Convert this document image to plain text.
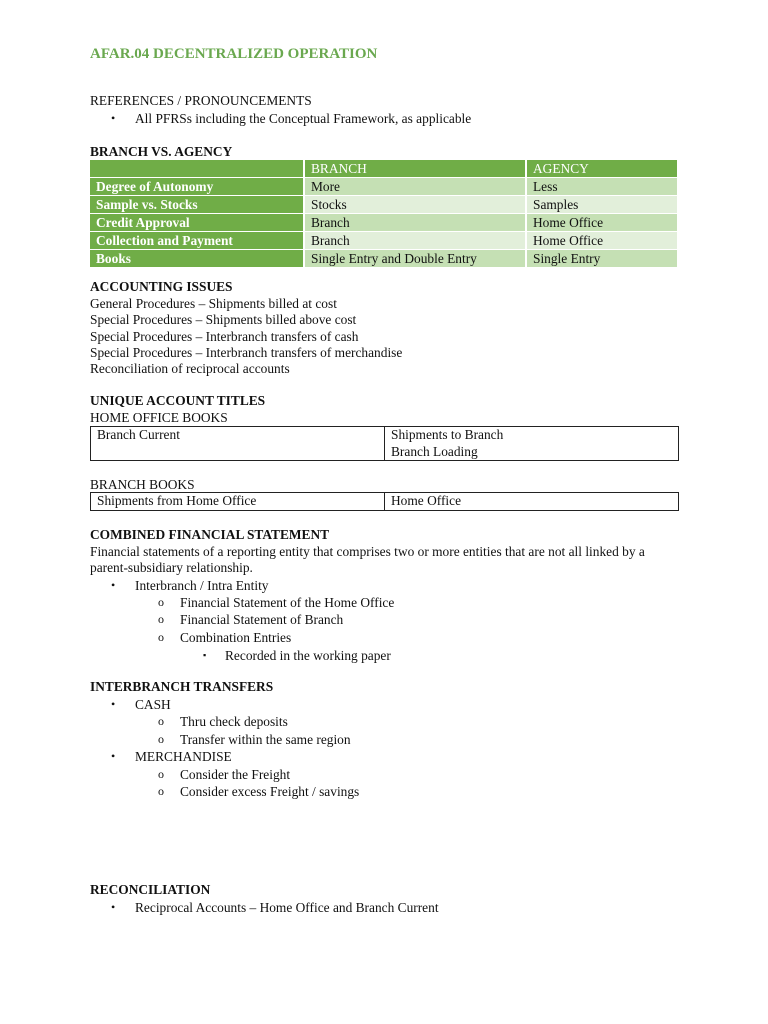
AFAR.04 DECENTRALIZED OPERATION
REFERENCES / PRONOUNCEMENTS
• All PFRSs including the Conceptual Framework, as applicable
BRANCH VS. AGENCY
	BRANCH	AGENCY
Degree of Autonomy	More	Less
Sample vs. Stocks	Stocks	Samples
Credit Approval	Branch	Home Office
Collection and Payment	Branch	Home Office
Books	Single Entry and Double Entry	Single Entry
ACCOUNTING ISSUES
General Procedures – Shipments billed at cost
Special Procedures – Shipments billed above cost
Special Procedures – Interbranch transfers of cash
Special Procedures – Interbranch transfers of merchandise
Reconciliation of reciprocal accounts
UNIQUE ACCOUNT TITLES
HOME OFFICE BOOKS
Branch Current	Shipments to Branch
Branch Loading
BRANCH BOOKS
Shipments from Home Office	Home Office
COMBINED FINANCIAL STATEMENT
Financial statements of a reporting entity that comprises two or more entities that are not all linked by a
parent-subsidiary relationship.
• Interbranch / Intra Entity
o Financial Statement of the Home Office
o Financial Statement of Branch
o Combination Entries
▪ Recorded in the working paper
INTERBRANCH TRANSFERS
• CASH
o Thru check deposits
o Transfer within the same region
• MERCHANDISE
o Consider the Freight
o Consider excess Freight / savings
RECONCILIATION
• Reciprocal Accounts – Home Office and Branch Current
